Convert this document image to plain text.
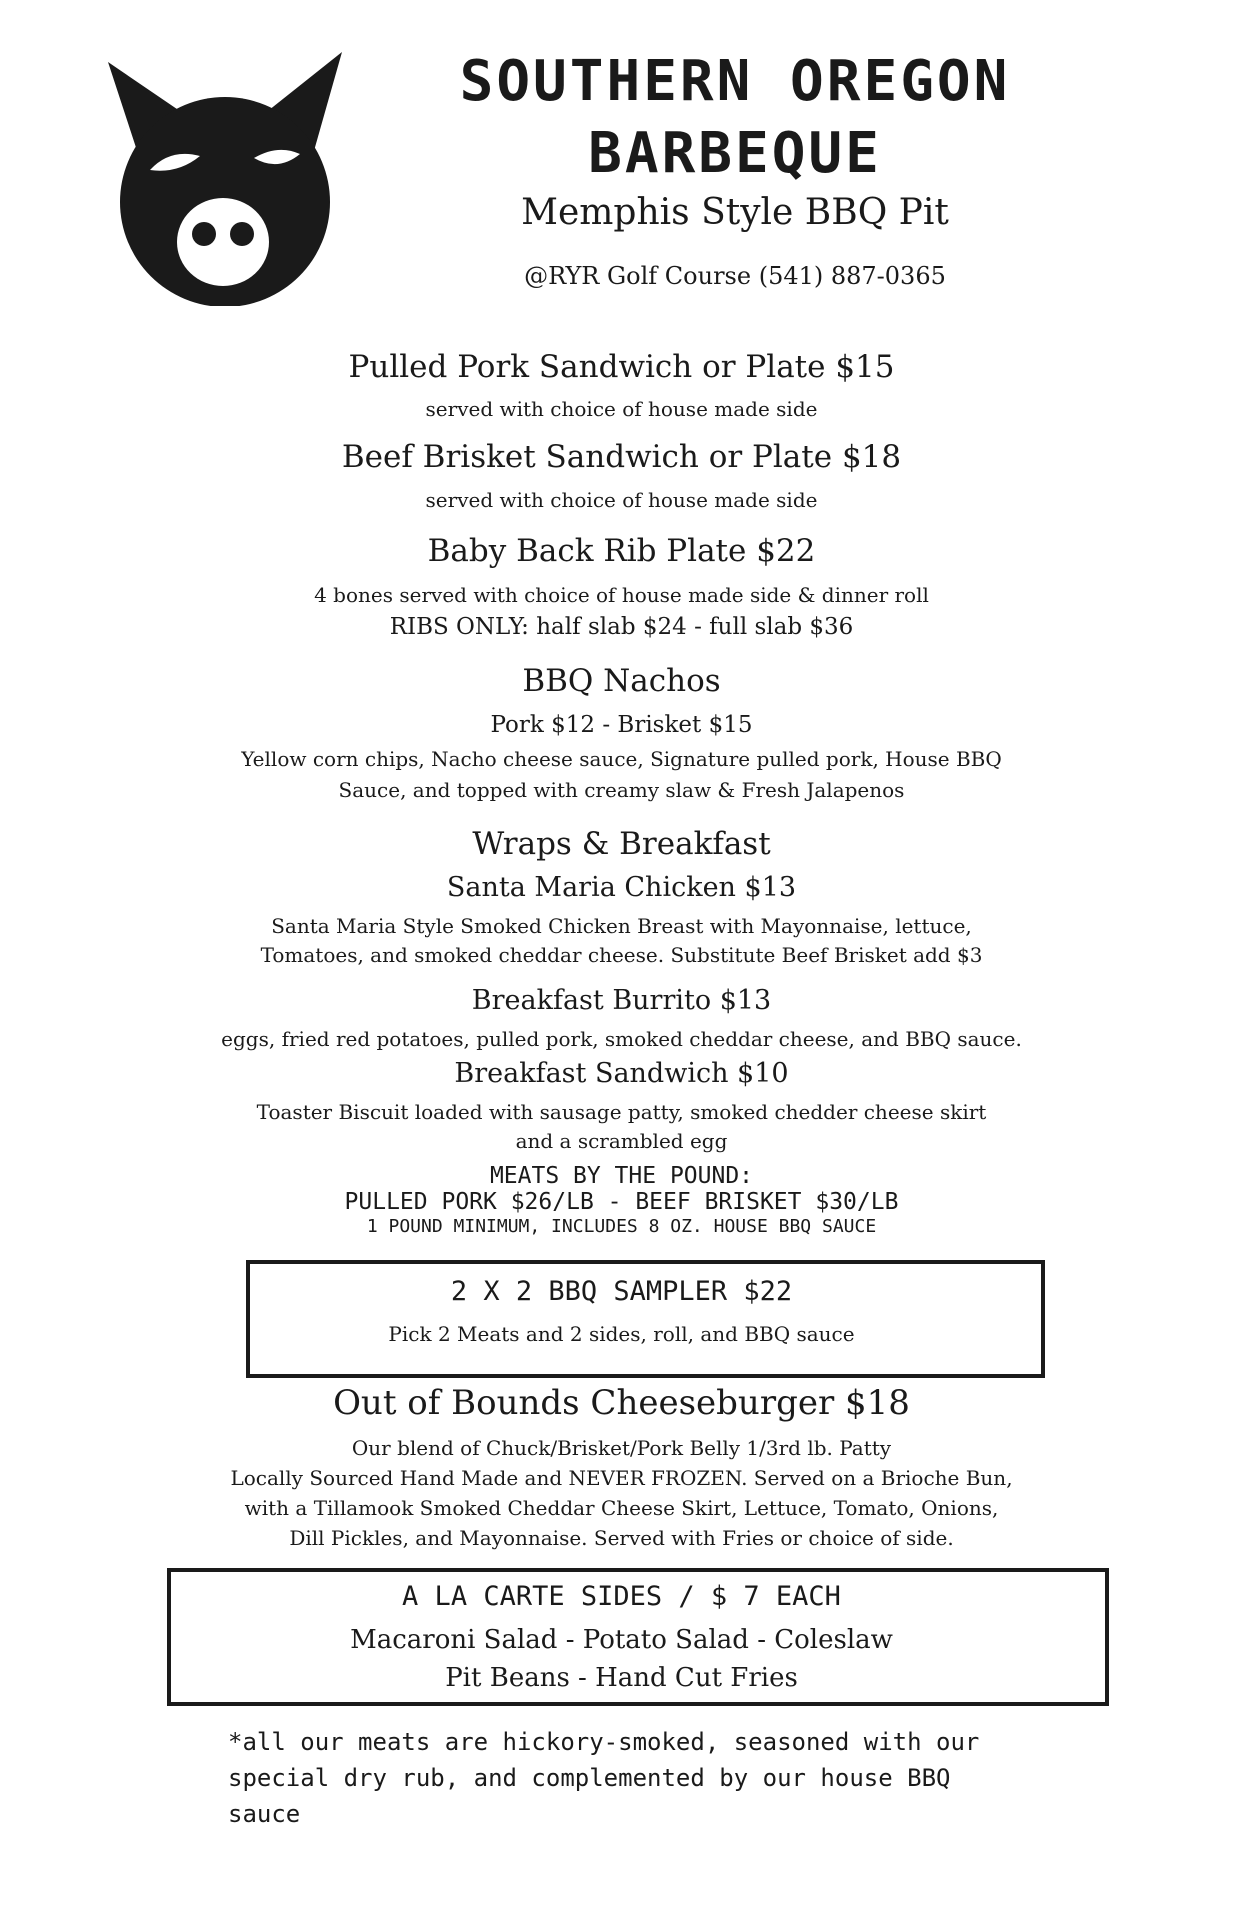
SOUTHERN OREGON

BARBEQUE

Memphis Style BBQ Pit

@RYR Golf Course (541) 887-0365

Pulled Pork Sandwich or Plate $15

served with choice of house made side

Beef Brisket Sandwich or Plate $18

served with choice of house made side

Baby Back Rib Plate $22

4 bones served with choice of house made side & dinner roll

RIBS ONLY: half slab $24 - full slab $36

BBQ Nachos

Pork $12 - Brisket $15

Yellow corn chips, Nacho cheese sauce, Signature pulled pork, House BBQ

Sauce, and topped with creamy slaw & Fresh Jalapenos

Wraps & Breakfast

Santa Maria Chicken $13

Santa Maria Style Smoked Chicken Breast with Mayonnaise, lettuce,

Tomatoes, and smoked cheddar cheese. Substitute Beef Brisket add $3

Breakfast Burrito $13

eggs, fried red potatoes, pulled pork, smoked cheddar cheese, and BBQ sauce.

Breakfast Sandwich $10

Toaster Biscuit loaded with sausage patty, smoked chedder cheese skirt

and a scrambled egg

MEATS BY THE POUND:

PULLED PORK $26/LB - BEEF BRISKET $30/LB

1 POUND MINIMUM, INCLUDES 8 OZ. HOUSE BBQ SAUCE

2 X 2 BBQ SAMPLER $22

Pick 2 Meats and 2 sides, roll, and BBQ sauce

Out of Bounds Cheeseburger $18

Our blend of Chuck/Brisket/Pork Belly 1/3rd lb. Patty

Locally Sourced Hand Made and NEVER FROZEN. Served on a Brioche Bun,

with a Tillamook Smoked Cheddar Cheese Skirt, Lettuce, Tomato, Onions,

Dill Pickles, and Mayonnaise. Served with Fries or choice of side.

A LA CARTE SIDES / $ 7 EACH

Macaroni Salad - Potato Salad - Coleslaw

Pit Beans - Hand Cut Fries

*all our meats are hickory-smoked, seasoned with our

special dry rub, and complemented by our house BBQ sauce
